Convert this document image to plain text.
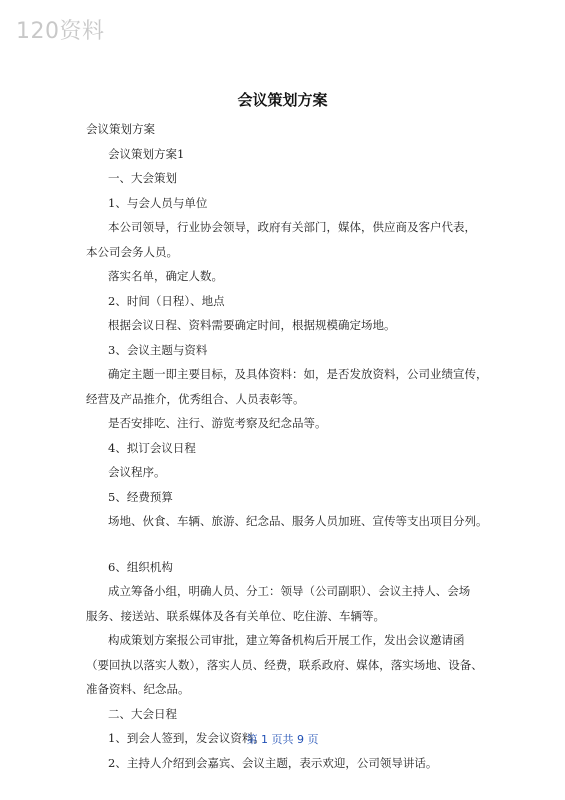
120资料
会议策划方案

会议策划方案

会议策划方案1

一、大会策划

1、与会人员与单位

本公司领导，行业协会领导，政府有关部门，媒体，供应商及客户代表，

本公司会务人员。

落实名单，确定人数。

2、时间（日程）、地点

根据会议日程、资料需要确定时间，根据规模确定场地。

3、会议主题与资料

确定主题一即主要目标，及具体资料：如，是否发放资料，公司业绩宣传，

经营及产品推介，优秀组合、人员表彰等。

是否安排吃、注行、游览考察及纪念品等。

4、拟订会议日程

会议程序。

5、经费预算

场地、伙食、车辆、旅游、纪念品、服务人员加班、宣传等支出项目分列。

6、组织机构

成立筹备小组，明确人员、分工：领导（公司副职）、会议主持人、会场

服务、接送站、联系媒体及各有关单位、吃住游、车辆等。

构成策划方案报公司审批，建立筹备机构后开展工作，发出会议邀请函

（要回执以落实人数），落实人员、经费，联系政府、媒体，落实场地、设备、

准备资料、纪念品。

二、大会日程

1、到会人签到，发会议资料。

2、主持人介绍到会嘉宾、会议主题，表示欢迎，公司领导讲话。

第 1 页共 9 页
